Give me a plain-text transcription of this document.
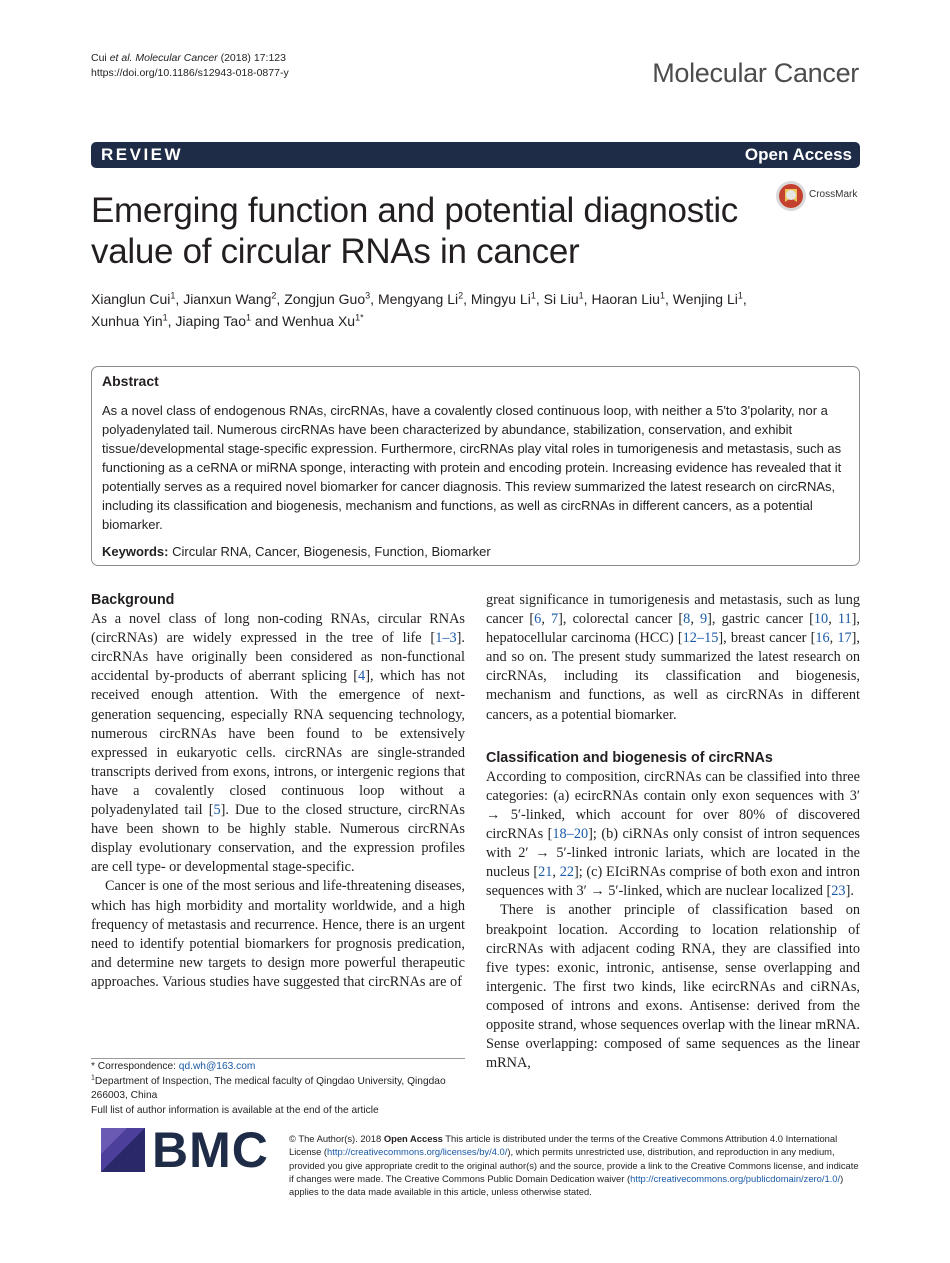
Cui et al. Molecular Cancer (2018) 17:123
https://doi.org/10.1186/s12943-018-0877-y	Molecular Cancer
REVIEW	Open Access
Emerging function and potential diagnostic value of circular RNAs in cancer
CrossMark
Xianglun Cui$^1$, Jianxun Wang$^2$, Zongjun Guo$^3$, Mengyang Li$^2$, Mingyu Li$^1$, Si Liu$^1$, Haoran Liu$^1$, Wenjing Li$^1$,
Xunhua Yin$^1$, Jiaping Tao$^1$ and Wenhua $Xu^{1*}$
Abstract
As a novel class of endogenous RNAs, circRNAs, have a covalently closed continuous loop, with neither a 5'to 3'polarity, nor a polyadenylated tail. Numerous circRNAs have been characterized by abundance, stabilization, conservation, and exhibit tissue/developmental stage-specific expression. Furthermore, circRNAs play vital roles in tumorigenesis and metastasis, such as functioning as a ceRNA or miRNA sponge, interacting with protein and encoding protein. Increasing evidence has revealed that it potentially serves as a required novel biomarker for cancer diagnosis. This review summarized the latest research on circRNAs, including its classification and biogenesis, mechanism and functions, as well as circRNAs in different cancers, as a potential biomarker.
Keywords: Circular RNA, Cancer, Biogenesis, Function, Biomarker
Background

As a novel class of long non-coding RNAs, circular RNAs (circRNAs) are widely expressed in the tree of life [1–3]. circRNAs have originally been considered as non-functional accidental by-products of aberrant splicing [4], which has not received enough attention. With the emergence of next-generation sequencing, especially RNA sequencing technology, numerous circRNAs have been found to be extensively expressed in eukaryotic cells. circRNAs are single-stranded transcripts derived from exons, introns, or intergenic regions that have a covalently closed continuous loop without a polyadenylated tail [5]. Due to the closed structure, circRNAs have been shown to be highly stable. Numerous circRNAs display evolutionary conservation, and the expression profiles are cell type- or developmental stage-specific.

Cancer is one of the most serious and life-threatening diseases, which has high morbidity and mortality worldwide, and a high frequency of metastasis and recurrence. Hence, there is an urgent need to identify potential biomarkers for prognosis predication, and determine new targets to design more powerful therapeutic approaches. Various studies have suggested that circRNAs are of

great significance in tumorigenesis and metastasis, such as lung cancer [6, 7], colorectal cancer [8, 9], gastric cancer [10, 11], hepatocellular carcinoma (HCC) [12–15], breast cancer [16, 17], and so on. The present study summarized the latest research on circRNAs, including its classification and biogenesis, mechanism and functions, as well as circRNAs in different cancers, as a potential biomarker.

Classification and biogenesis of circRNAs

According to composition, circRNAs can be classified into three categories: (a) ecircRNAs contain only exon sequences with 3′ → 5′-linked, which account for over 80% of discovered circRNAs [18–20]; (b) ciRNAs only consist of intron sequences with 2′ → 5′-linked intronic lariats, which are located in the nucleus [21, 22]; (c) EIciRNAs comprise of both exon and intron sequences with 3′ → 5′-linked, which are nuclear localized [23].

There is another principle of classification based on breakpoint location. According to location relationship of circRNAs with adjacent coding RNA, they are classified into five types: exonic, intronic, antisense, sense overlapping and intergenic. The first two kinds, like ecircRNAs and ciRNAs, composed of introns and exons. Antisense: derived from the opposite strand, whose sequences overlap with the linear mRNA. Sense overlapping: composed of same sequences as the linear mRNA,

* Correspondence: qd.wh@163.com
$^1$Department of Inspection, The medical faculty of Qingdao University, Qingdao 266003, China
Full list of author information is available at the end of the article
BMC © The Author(s). 2018 Open Access This article is distributed under the terms of the Creative Commons Attribution 4.0 International License (http://creativecommons.org/licenses/by/4.0/), which permits unrestricted use, distribution, and reproduction in any medium, provided you give appropriate credit to the original author(s) and the source, provide a link to the Creative Commons license, and indicate if changes were made. The Creative Commons Public Domain Dedication waiver (http://creativecommons.org/publicdomain/zero/1.0/) applies to the data made available in this article, unless otherwise stated.
